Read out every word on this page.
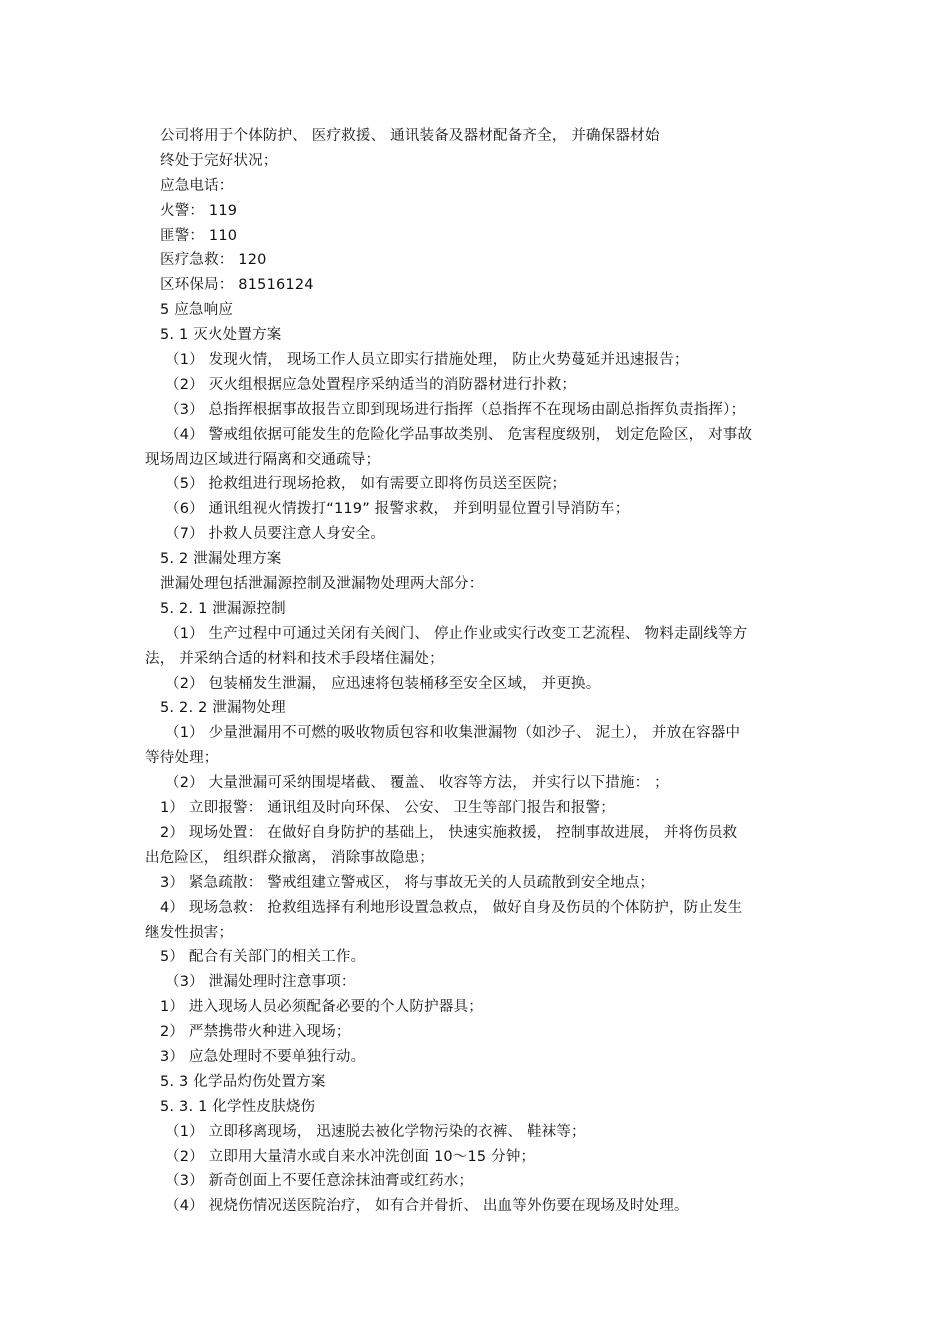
公司将用于个体防护、 医疗救援、 通讯装备及器材配备齐全， 并确保器材始
终处于完好状况；
应急电话：
火警： 119
匪警： 110
医疗急救： 120
区环保局： 81516124
5 应急响应
5. 1 灭火处置方案
（1） 发现火情， 现场工作人员立即实行措施处理， 防止火势蔓延并迅速报告；
（2） 灭火组根据应急处置程序采纳适当的消防器材进行扑救；
（3） 总指挥根据事故报告立即到现场进行指挥（总指挥不在现场由副总指挥负责指挥）；
（4） 警戒组依据可能发生的危险化学品事故类别、 危害程度级别， 划定危险区， 对事故
现场周边区域进行隔离和交通疏导；
（5） 抢救组进行现场抢救， 如有需要立即将伤员送至医院；
（6） 通讯组视火情拨打“119” 报警求救， 并到明显位置引导消防车；
（7） 扑救人员要注意人身安全。
5. 2 泄漏处理方案
泄漏处理包括泄漏源控制及泄漏物处理两大部分：
5. 2. 1 泄漏源控制
（1） 生产过程中可通过关闭有关阀门、 停止作业或实行改变工艺流程、 物料走副线等方
法， 并采纳合适的材料和技术手段堵住漏处；
（2） 包装桶发生泄漏， 应迅速将包装桶移至安全区域， 并更换。
5. 2. 2 泄漏物处理
（1） 少量泄漏用不可燃的吸收物质包容和收集泄漏物（如沙子、 泥土）， 并放在容器中
等待处理；
（2） 大量泄漏可采纳围堤堵截、 覆盖、 收容等方法， 并实行以下措施： ；
1） 立即报警： 通讯组及时向环保、 公安、 卫生等部门报告和报警；
2） 现场处置： 在做好自身防护的基础上， 快速实施救援， 控制事故进展， 并将伤员救
出危险区， 组织群众撤离， 消除事故隐患；
3） 紧急疏散： 警戒组建立警戒区， 将与事故无关的人员疏散到安全地点；
4） 现场急救： 抢救组选择有利地形设置急救点， 做好自身及伤员的个体防护，防止发生
继发性损害；
5） 配合有关部门的相关工作。
（3） 泄漏处理时注意事项：
1） 进入现场人员必须配备必要的个人防护器具；
2） 严禁携带火种进入现场；
3） 应急处理时不要单独行动。
5. 3 化学品灼伤处置方案
5. 3. 1 化学性皮肤烧伤
（1） 立即移离现场， 迅速脱去被化学物污染的衣裤、 鞋袜等；
（2） 立即用大量清水或自来水冲洗创面 10～15 分钟；
（3） 新奇创面上不要任意涂抹油膏或红药水；
（4） 视烧伤情况送医院治疗， 如有合并骨折、 出血等外伤要在现场及时处理。
